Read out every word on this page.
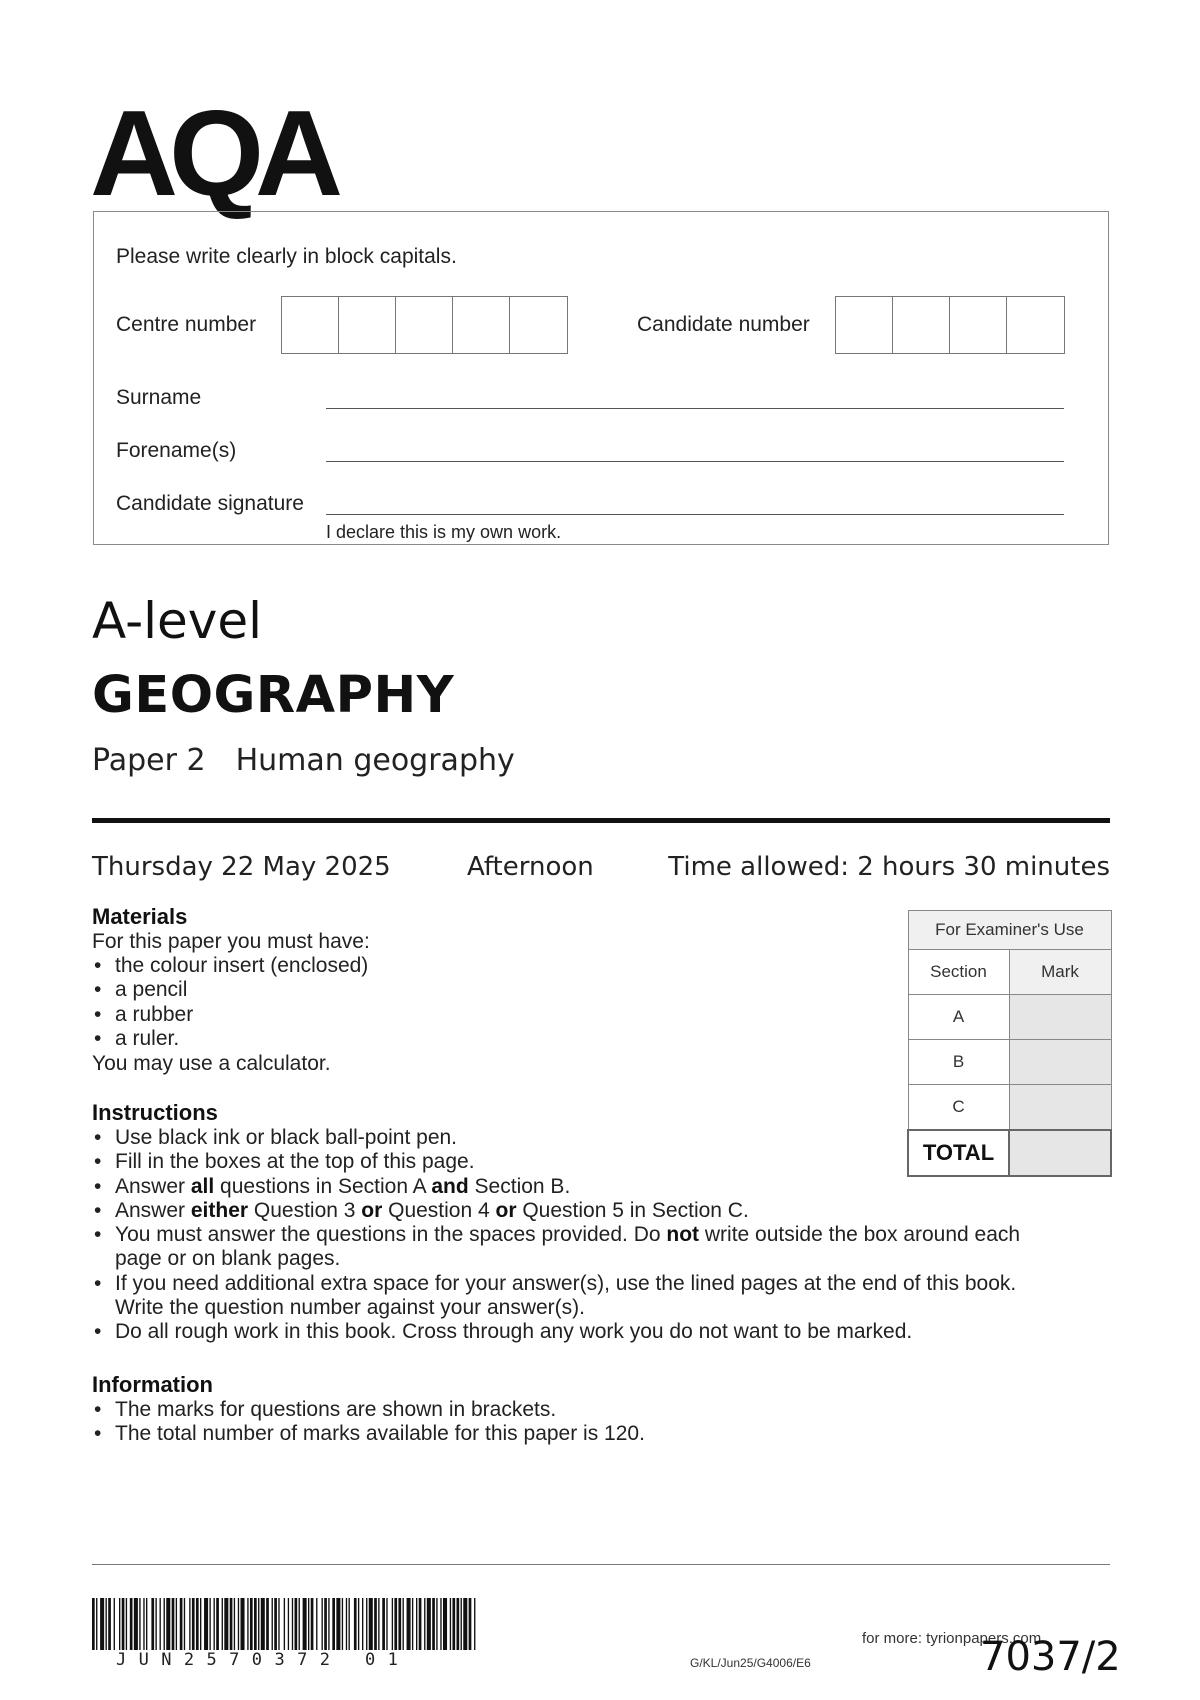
AQA
Please write clearly in block capitals.
Centre number	Candidate number
Surname
Forename(s)
Candidate signature
I declare this is my own work.
A-level
GEOGRAPHY
Paper 2 Human geography
Thursday 22 May 2025	Afternoon	Time allowed: 2 hours 30 minutes
Materials
For this paper you must have:
• the colour insert (enclosed)
• a pencil
• a rubber
• a ruler.
You may use a calculator.
Instructions
• Use black ink or black ball-point pen.
• Fill in the boxes at the top of this page.
• Answer all questions in Section A and Section B.
• Answer either Question 3 or Question 4 or Question 5 in Section C.
• You must answer the questions in the spaces provided. Do not write outside the box around each
page or on blank pages.
• If you need additional extra space for your answer(s), use the lined pages at the end of this book.
Write the question number against your answer(s).
• Do all rough work in this book. Cross through any work you do not want to be marked.
Information
• The marks for questions are shown in brackets.
• The total number of marks available for this paper is 120.
For Examiner's Use	
Section	Mark
A	
B	
C	
TOTAL	
JUN2570372 01	G/KL/Jun25/G4006/E6
for more: tyrionpapers.com
7037/2
